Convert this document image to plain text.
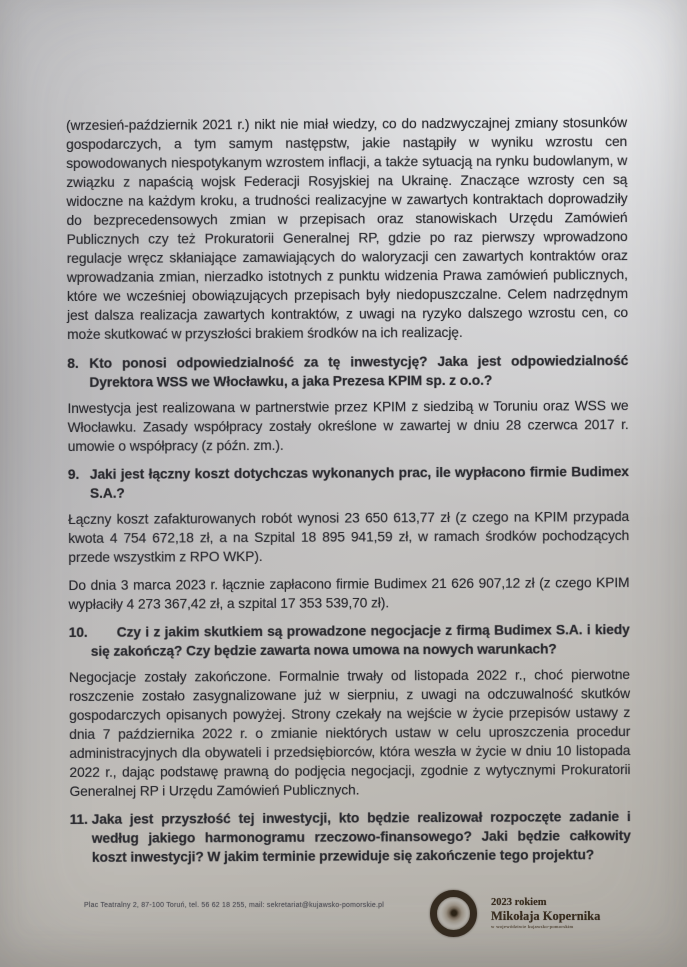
(wrzesień-październik 2021 r.) nikt nie miał wiedzy, co do nadzwyczajnej zmiany stosunków gospodarczych, a tym samym następstw, jakie nastąpiły w wyniku wzrostu cen spowodowanych niespotykanym wzrostem inflacji, a także sytuacją na rynku budowlanym, w związku z napaścią wojsk Federacji Rosyjskiej na Ukrainę. Znaczące wzrosty cen są widoczne na każdym kroku, a trudności realizacyjne w zawartych kontraktach doprowadziły do bezprecedensowych zmian w przepisach oraz stanowiskach Urzędu Zamówień Publicznych czy też Prokuratorii Generalnej RP, gdzie po raz pierwszy wprowadzono regulacje wręcz skłaniające zamawiających do waloryzacji cen zawartych kontraktów oraz wprowadzania zmian, nierzadko istotnych z punktu widzenia Prawa zamówień publicznych, które we wcześniej obowiązujących przepisach były niedopuszczalne. Celem nadrzędnym jest dalsza realizacja zawartych kontraktów, z uwagi na ryzyko dalszego wzrostu cen, co może skutkować w przyszłości brakiem środków na ich realizację.

8. Kto ponosi odpowiedzialność za tę inwestycję? Jaka jest odpowiedzialność Dyrektora WSS we Włocławku, a jaka Prezesa KPIM sp. z o.o.?

Inwestycja jest realizowana w partnerstwie przez KPIM z siedzibą w Toruniu oraz WSS we Włocławku. Zasady współpracy zostały określone w zawartej w dniu 28 czerwca 2017 r. umowie o współpracy (z późn. zm.).

9. Jaki jest łączny koszt dotychczas wykonanych prac, ile wypłacono firmie Budimex S.A.?

Łączny koszt zafakturowanych robót wynosi 23 650 613,77 zł (z czego na KPIM przypada kwota 4 754 672,18 zł, a na Szpital 18 895 941,59 zł, w ramach środków pochodzących przede wszystkim z RPO WKP).

Do dnia 3 marca 2023 r. łącznie zapłacono firmie Budimex 21 626 907,12 zł (z czego KPIM wypłaciły 4 273 367,42 zł, a szpital 17 353 539,70 zł).

10.	Czy i z jakim skutkiem są prowadzone negocjacje z firmą Budimex S.A. i kiedy się zakończą? Czy będzie zawarta nowa umowa na nowych warunkach?

Negocjacje zostały zakończone. Formalnie trwały od listopada 2022 r., choć pierwotne roszczenie zostało zasygnalizowane już w sierpniu, z uwagi na odczuwalność skutków gospodarczych opisanych powyżej. Strony czekały na wejście w życie przepisów ustawy z dnia 7 października 2022 r. o zmianie niektórych ustaw w celu uproszczenia procedur administracyjnych dla obywateli i przedsiębiorców, która weszła w życie w dniu 10 listopada 2022 r., dając podstawę prawną do podjęcia negocjacji, zgodnie z wytycznymi Prokuratorii Generalnej RP i Urzędu Zamówień Publicznych.

11. Jaka jest przyszłość tej inwestycji, kto będzie realizował rozpoczęte zadanie i według jakiego harmonogramu rzeczowo-finansowego? Jaki będzie całkowity koszt inwestycji? W jakim terminie przewiduje się zakończenie tego projektu?
Plac Teatralny 2, 87-100 Toruń, tel. 56 62 18 255, mail: sekretariat@kujawsko-pomorskie.pl	2023 rokiem
Mikołaja Kopernika
w województwie kujawsko-pomorskim
